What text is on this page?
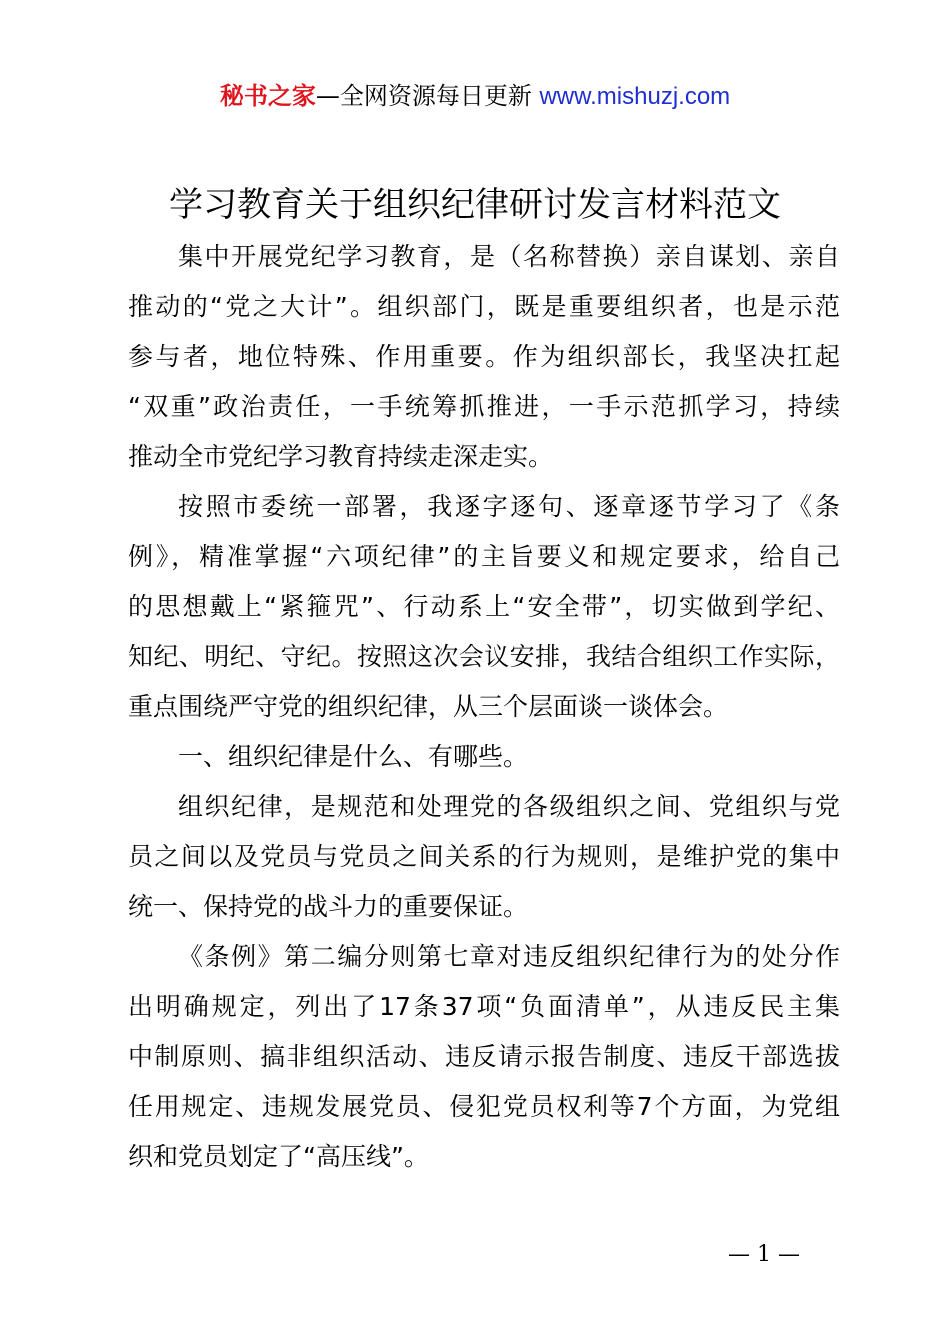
秘书之家—全网资源每日更新 www.mishuzj.com
学习教育关于组织纪律研讨发言材料范文
集中开展党纪学习教育，是（名称替换）亲自谋划、亲自
推动的“党之大计”。组织部门，既是重要组织者，也是示范
参与者，地位特殊、作用重要。作为组织部长，我坚决扛起
“双重”政治责任，一手统筹抓推进，一手示范抓学习，持续
推动全市党纪学习教育持续走深走实。
按照市委统一部署，我逐字逐句、逐章逐节学习了《条
例》，精准掌握“六项纪律”的主旨要义和规定要求，给自己
的思想戴上“紧箍咒”、行动系上“安全带”，切实做到学纪、
知纪、明纪、守纪。按照这次会议安排，我结合组织工作实际，
重点围绕严守党的组织纪律，从三个层面谈一谈体会。
一、组织纪律是什么、有哪些。
组织纪律，是规范和处理党的各级组织之间、党组织与党
员之间以及党员与党员之间关系的行为规则，是维护党的集中
统一、保持党的战斗力的重要保证。
《条例》第二编分则第七章对违反组织纪律行为的处分作
出明确规定，列出了17条37项“负面清单”，从违反民主集
中制原则、搞非组织活动、违反请示报告制度、违反干部选拔
任用规定、违规发展党员、侵犯党员权利等7个方面，为党组
织和党员划定了“高压线”。
— 1 —
